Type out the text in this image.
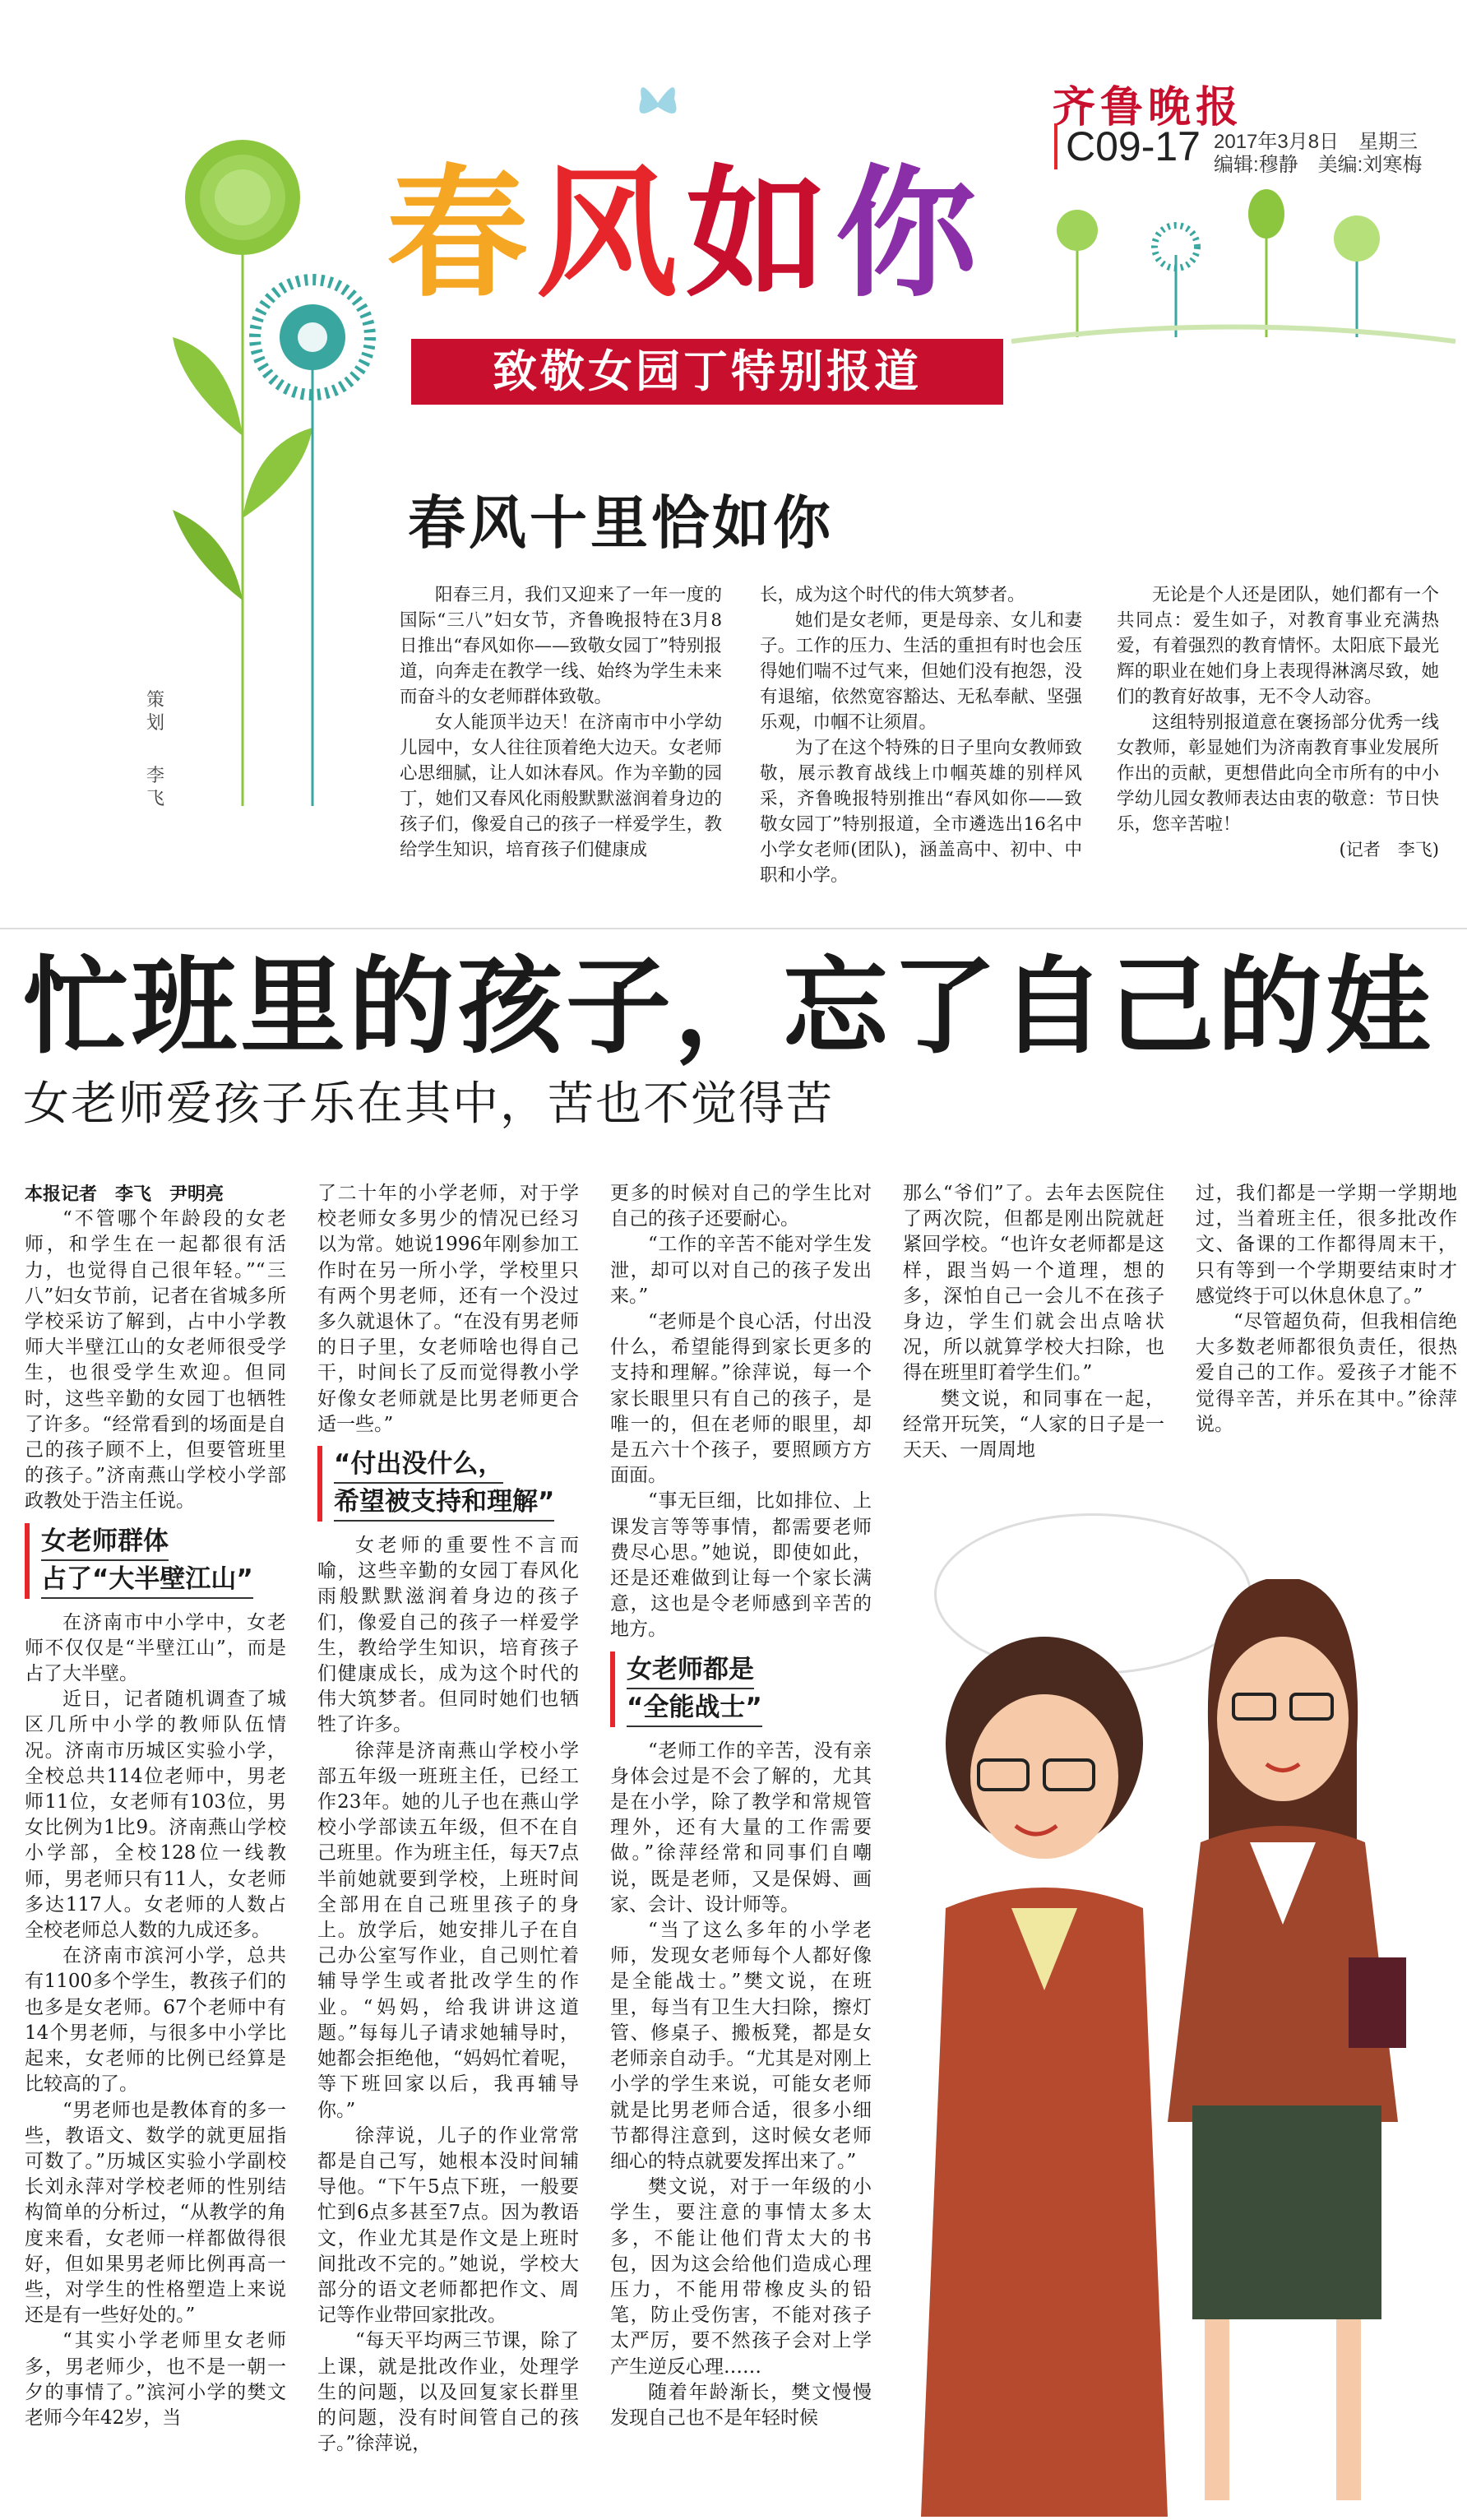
齐鲁晚报
C09-17 2017年3月8日　星期三
编辑:穆静　美编:刘寒梅
春风如你
致敬女园丁特别报道
春风十里恰如你
策划
李飞

阳春三月，我们又迎来了一年一度的国际“三八”妇女节，齐鲁晚报特在3月8日推出“春风如你——致敬女园丁”特别报道，向奔走在教学一线、始终为学生未来而奋斗的女老师群体致敬。

女人能顶半边天！在济南市中小学幼儿园中，女人往往顶着绝大边天。女老师心思细腻，让人如沐春风。作为辛勤的园丁，她们又春风化雨般默默滋润着身边的孩子们，像爱自己的孩子一样爱学生，教给学生知识，培育孩子们健康成

长，成为这个时代的伟大筑梦者。

她们是女老师，更是母亲、女儿和妻子。工作的压力、生活的重担有时也会压得她们喘不过气来，但她们没有抱怨，没有退缩，依然宽容豁达、无私奉献、坚强乐观，巾帼不让须眉。

为了在这个特殊的日子里向女教师致敬，展示教育战线上巾帼英雄的别样风采，齐鲁晚报特别推出“春风如你——致敬女园丁”特别报道，全市遴选出16名中小学女老师(团队)，涵盖高中、初中、中职和小学。

无论是个人还是团队，她们都有一个共同点：爱生如子，对教育事业充满热爱，有着强烈的教育情怀。太阳底下最光辉的职业在她们身上表现得淋漓尽致，她们的教育好故事，无不令人动容。

这组特别报道意在褒扬部分优秀一线女教师，彰显她们为济南教育事业发展所作出的贡献，更想借此向全市所有的中小学幼儿园女教师表达由衷的敬意：节日快乐，您辛苦啦！

(记者　李飞)
忙班里的孩子，忘了自己的娃
女老师爱孩子乐在其中，苦也不觉得苦
本报记者　李飞　尹明亮

“不管哪个年龄段的女老师，和学生在一起都很有活力，也觉得自己很年轻。”“三八”妇女节前，记者在省城多所学校采访了解到，占中小学教师大半壁江山的女老师很受学生，也很受学生欢迎。但同时，这些辛勤的女园丁也牺牲了许多。“经常看到的场面是自己的孩子顾不上，但要管班里的孩子。”济南燕山学校小学部政教处于浩主任说。

女老师群体
占了“大半壁江山”

在济南市中小学中，女老师不仅仅是“半壁江山”，而是占了大半壁。

近日，记者随机调查了城区几所中小学的教师队伍情况。济南市历城区实验小学，全校总共114位老师中，男老师11位，女老师有103位，男女比例为1比9。济南燕山学校小学部，全校128位一线教师，男老师只有11人，女老师多达117人。女老师的人数占全校老师总人数的九成还多。

在济南市滨河小学，总共有1100多个学生，教孩子们的也多是女老师。67个老师中有14个男老师，与很多中小学比起来，女老师的比例已经算是比较高的了。

“男老师也是教体育的多一些，教语文、数学的就更屈指可数了。”历城区实验小学副校长刘永萍对学校老师的性别结构简单的分析过，“从教学的角度来看，女老师一样都做得很好，但如果男老师比例再高一些，对学生的性格塑造上来说还是有一些好处的。”

“其实小学老师里女老师多，男老师少，也不是一朝一夕的事情了。”滨河小学的樊文老师今年42岁，当

了二十年的小学老师，对于学校老师女多男少的情况已经习以为常。她说1996年刚参加工作时在另一所小学，学校里只有两个男老师，还有一个没过多久就退休了。“在没有男老师的日子里，女老师啥也得自己干，时间长了反而觉得教小学好像女老师就是比男老师更合适一些。”

“付出没什么，
希望被支持和理解”

女老师的重要性不言而喻，这些辛勤的女园丁春风化雨般默默滋润着身边的孩子们，像爱自己的孩子一样爱学生，教给学生知识，培育孩子们健康成长，成为这个时代的伟大筑梦者。但同时她们也牺牲了许多。

徐萍是济南燕山学校小学部五年级一班班主任，已经工作23年。她的儿子也在燕山学校小学部读五年级，但不在自己班里。作为班主任，每天7点半前她就要到学校，上班时间全部用在自己班里孩子的身上。放学后，她安排儿子在自己办公室写作业，自己则忙着辅导学生或者批改学生的作业。“妈妈，给我讲讲这道题。”每每儿子请求她辅导时，她都会拒绝他，“妈妈忙着呢，等下班回家以后，我再辅导你。”

徐萍说，儿子的作业常常都是自己写，她根本没时间辅导他。“下午5点下班，一般要忙到6点多甚至7点。因为教语文，作业尤其是作文是上班时间批改不完的。”她说，学校大部分的语文老师都把作文、周记等作业带回家批改。

“每天平均两三节课，除了上课，就是批改作业，处理学生的问题，以及回复家长群里的问题，没有时间管自己的孩子。”徐萍说，

更多的时候对自己的学生比对自己的孩子还要耐心。

“工作的辛苦不能对学生发泄，却可以对自己的孩子发出来。”

“老师是个良心活，付出没什么，希望能得到家长更多的支持和理解。”徐萍说，每一个家长眼里只有自己的孩子，是唯一的，但在老师的眼里，却是五六十个孩子，要照顾方方面面。

“事无巨细，比如排位、上课发言等等事情，都需要老师费尽心思。”她说，即使如此，还是还难做到让每一个家长满意，这也是令老师感到辛苦的地方。

女老师都是
“全能战士”

“老师工作的辛苦，没有亲身体会过是不会了解的，尤其是在小学，除了教学和常规管理外，还有大量的工作需要做。”徐萍经常和同事们自嘲说，既是老师，又是保姆、画家、会计、设计师等。

“当了这么多年的小学老师，发现女老师每个人都好像是全能战士。”樊文说，在班里，每当有卫生大扫除，擦灯管、修桌子、搬板凳，都是女老师亲自动手。“尤其是对刚上小学的学生来说，可能女老师就是比男老师合适，很多小细节都得注意到，这时候女老师细心的特点就要发挥出来了。”

樊文说，对于一年级的小学生，要注意的事情太多太多，不能让他们背太大的书包，因为这会给他们造成心理压力，不能用带橡皮头的铅笔，防止受伤害，不能对孩子太严厉，要不然孩子会对上学产生逆反心理……

随着年龄渐长，樊文慢慢发现自己也不是年轻时候

那么“爷们”了。去年去医院住了两次院，但都是刚出院就赶紧回学校。“也许女老师都是这样，跟当妈一个道理，想的多，深怕自己一会儿不在孩子身边，学生们就会出点啥状况，所以就算学校大扫除，也得在班里盯着学生们。”

樊文说，和同事在一起，经常开玩笑，“人家的日子是一天天、一周周地

过，我们都是一学期一学期地过，当着班主任，很多批改作文、备课的工作都得周末干，只有等到一个学期要结束时才感觉终于可以休息休息了。”

“尽管超负荷，但我相信绝大多数老师都很负责任，很热爱自己的工作。爱孩子才能不觉得辛苦，并乐在其中。”徐萍说。
